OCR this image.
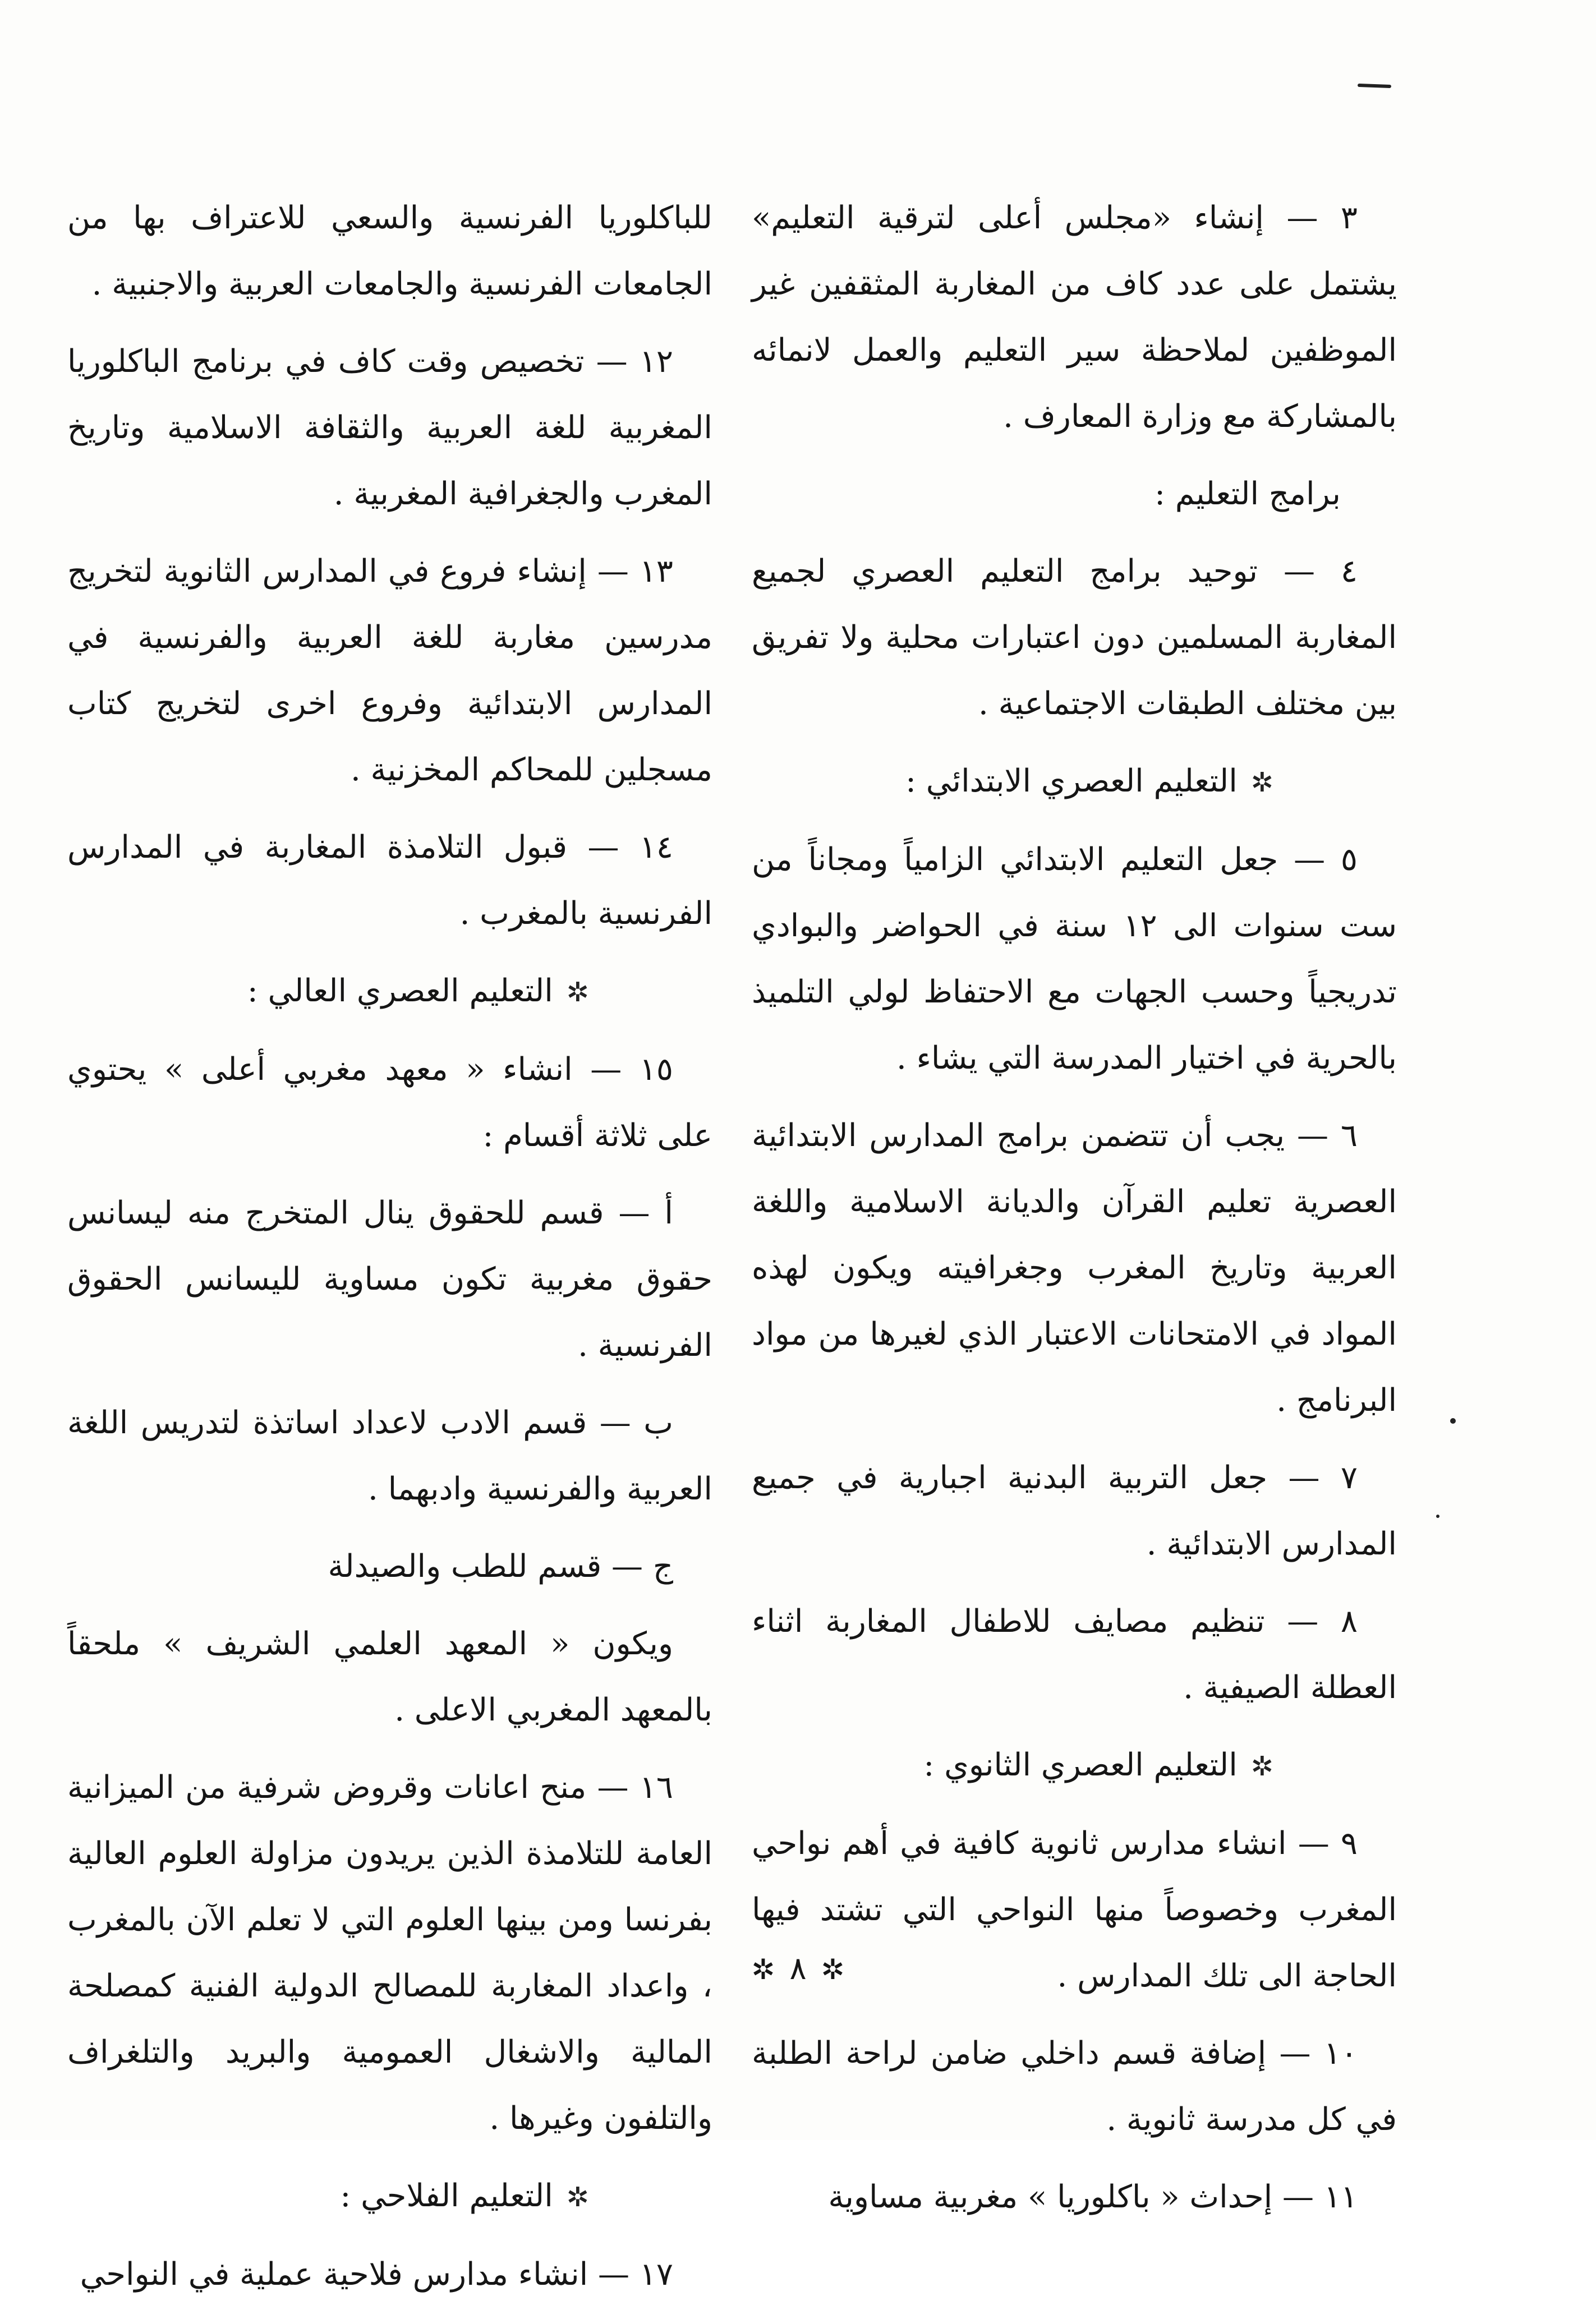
٣ — إنشاء «مجلس أعلى لترقية التعليم» يشتمل على عدد كاف من المغاربة المثقفين غير الموظفين لملاحظة سير التعليم والعمل لانمائه بالمشاركة مع وزارة المعارف .

برامج التعليم :

٤ — توحيد برامج التعليم العصري لجميع المغاربة المسلمين دون اعتبارات محلية ولا تفريق بين مختلف الطبقات الاجتماعية .

✲التعليم العصري الابتدائي :

٥ — جعل التعليم الابتدائي الزامياً ومجاناً من ست سنوات الى ١٢ سنة في الحواضر والبوادي تدريجياً وحسب الجهات مع الاحتفاظ لولي التلميذ بالحرية في اختيار المدرسة التي يشاء .

٦ — يجب أن تتضمن برامج المدارس الابتدائية العصرية تعليم القرآن والديانة الاسلامية واللغة العربية وتاريخ المغرب وجغرافيته ويكون لهذه المواد في الامتحانات الاعتبار الذي لغيرها من مواد البرنامج .

٧ — جعل التربية البدنية اجبارية في جميع المدارس الابتدائية .

٨ — تنظيم مصايف للاطفال المغاربة اثناء العطلة الصيفية .

✲التعليم العصري الثانوي :

٩ — انشاء مدارس ثانوية كافية في أهم نواحي المغرب وخصوصاً منها النواحي التي تشتد فيها الحاجة الى تلك المدارس .

١٠ — إضافة قسم داخلي ضامن لراحة الطلبة في كل مدرسة ثانوية .

١١ — إحداث « باكلوريا » مغربية مساوية

للباكلوريا الفرنسية والسعي للاعتراف بها من الجامعات الفرنسية والجامعات العربية والاجنبية .

١٢ — تخصيص وقت كاف في برنامج الباكلوريا المغربية للغة العربية والثقافة الاسلامية وتاريخ المغرب والجغرافية المغربية .

١٣ — إنشاء فروع في المدارس الثانوية لتخريج مدرسين مغاربة للغة العربية والفرنسية في المدارس الابتدائية وفروع اخرى لتخريج كتاب مسجلين للمحاكم المخزنية .

١٤ — قبول التلامذة المغاربة في المدارس الفرنسية بالمغرب .

✲التعليم العصري العالي :

١٥ — انشاء « معهد مغربي أعلى » يحتوي على ثلاثة أقسام :

أ — قسم للحقوق ينال المتخرج منه ليسانس حقوق مغربية تكون مساوية لليسانس الحقوق الفرنسية .

ب — قسم الادب لاعداد اساتذة لتدريس اللغة العربية والفرنسية وادبهما .

ج — قسم للطب والصيدلة

ويكون « المعهد العلمي الشريف » ملحقاً بالمعهد المغربي الاعلى .

١٦ — منح اعانات وقروض شرفية من الميزانية العامة للتلامذة الذين يريدون مزاولة العلوم العالية بفرنسا ومن بينها العلوم التي لا تعلم الآن بالمغرب ، واعداد المغاربة للمصالح الدولية الفنية كمصلحة المالية والاشغال العمومية والبريد والتلغراف والتلفون وغيرها .

✲التعليم الفلاحي :

١٧ — انشاء مدارس فلاحية عملية في النواحي

✲٨✲
